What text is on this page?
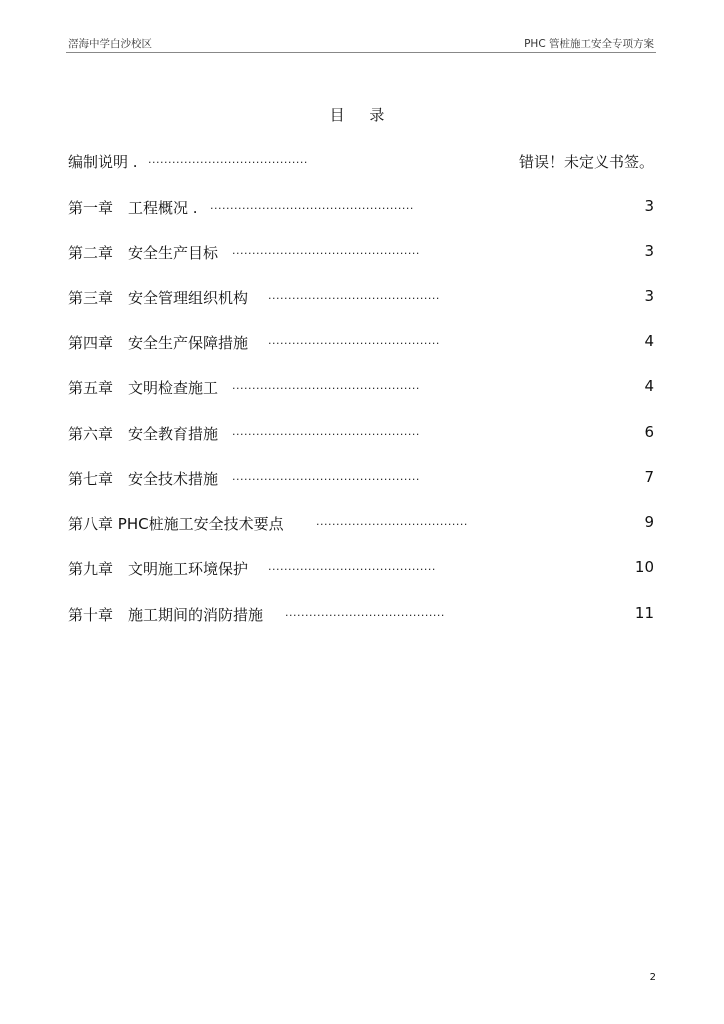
滘海中学白沙校区	PHC 管桩施工安全专项方案
目 录
编制说明 . ........................................	错误！未定义书签。
第一章　工程概况 . ...................................................	3
第二章　安全生产目标 ...............................................	3
第三章　安全管理组织机构 ...........................................	3
第四章　安全生产保障措施 ...........................................	4
第五章　文明检查施工 ...............................................	4
第六章　安全教育措施 ...............................................	6
第七章　安全技术措施 ...............................................	7
第八章 PHC桩施工安全技术要点	......................................	9
第九章　文明施工环境保护 ..........................................	10
第十章　施工期间的消防措施 ........................................	11
2
